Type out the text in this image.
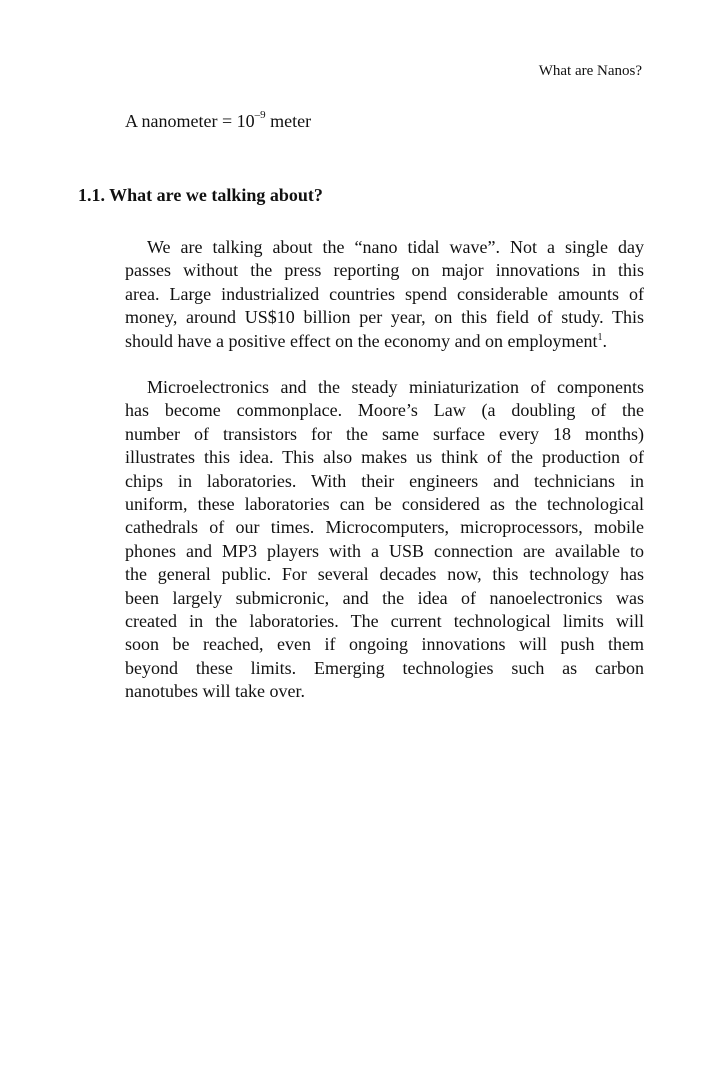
What are Nanos?
A nanometer = $10^{-9}$ meter
1.1. What are we talking about?
We are talking about the “nano tidal wave”. Not a single day
passes without the press reporting on major innovations in this
area. Large industrialized countries spend considerable amounts of
money, around US$10 billion per year, on this field of study. This
should have a positive effect on the economy and on employment$^1$.
Microelectronics and the steady miniaturization of components
has become commonplace. Moore’s Law (a doubling of the
number of transistors for the same surface every 18 months)
illustrates this idea. This also makes us think of the production of
chips in laboratories. With their engineers and technicians in
uniform, these laboratories can be considered as the technological
cathedrals of our times. Microcomputers, microprocessors, mobile
phones and MP3 players with a USB connection are available to
the general public. For several decades now, this technology has
been largely submicronic, and the idea of nanoelectronics was
created in the laboratories. The current technological limits will
soon be reached, even if ongoing innovations will push them
beyond these limits. Emerging technologies such as carbon
nanotubes will take over.
